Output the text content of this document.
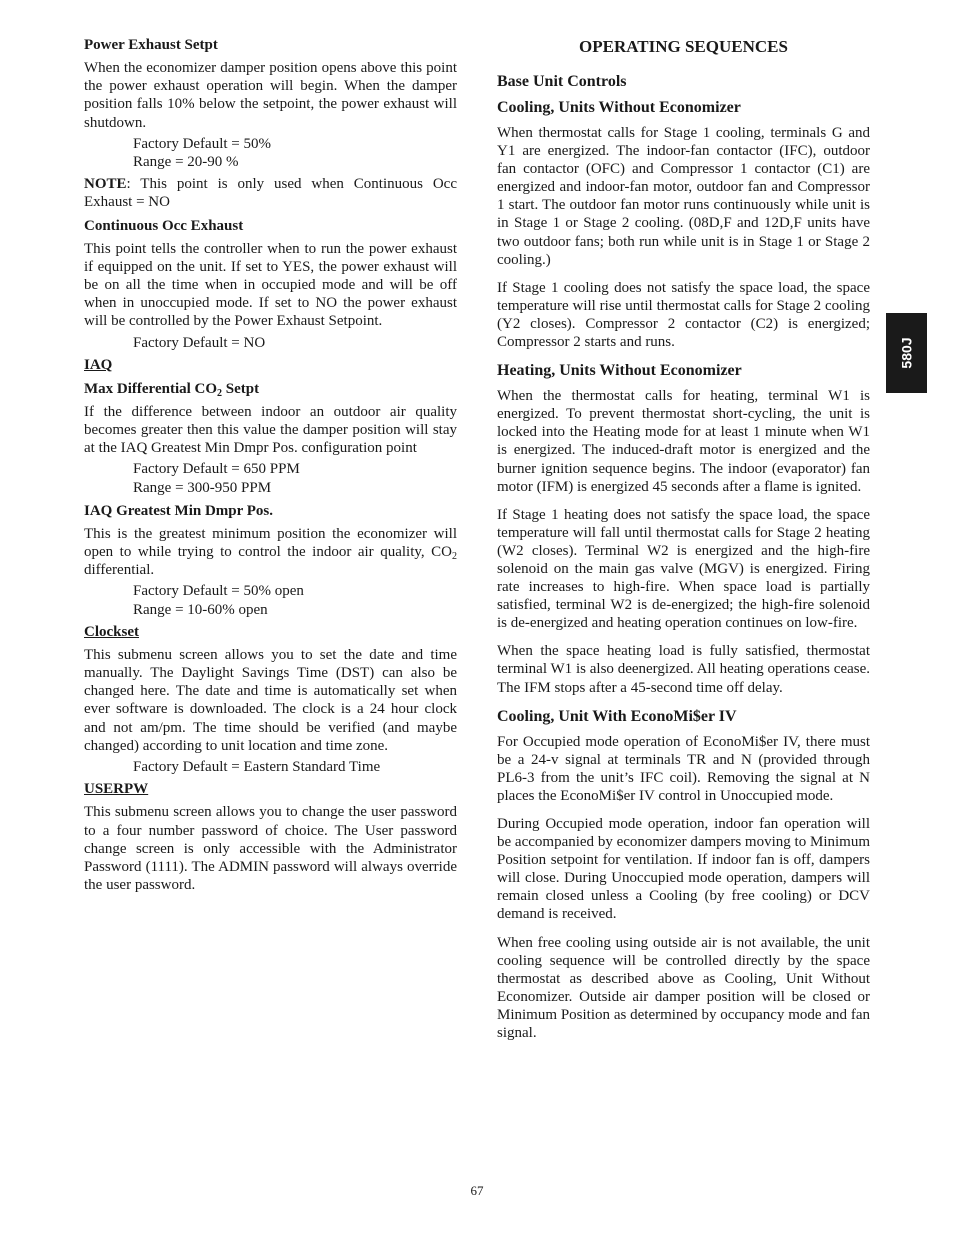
Power Exhaust Setpt

When the economizer damper position opens above this point the power exhaust operation will begin. When the damper position falls 10% below the setpoint, the power exhaust will shutdown.

Factory Default = 50%
Range = 20-90 %

NOTE: This point is only used when Continuous Occ Exhaust = NO

Continuous Occ Exhaust

This point tells the controller when to run the power exhaust if equipped on the unit. If set to YES, the power exhaust will be on all the time when in occupied mode and will be off when in unoccupied mode. If set to NO the power exhaust will be controlled by the Power Exhaust Setpoint.

Factory Default = NO
IAQ
Max Differential $CO_2$ Setpt

If the difference between indoor an outdoor air quality becomes greater then this value the damper position will stay at the IAQ Greatest Min Dmpr Pos. configuration point

Factory Default = 650 PPM
Range = 300-950 PPM
IAQ Greatest Min Dmpr Pos.

This is the greatest minimum position the economizer will open to while trying to control the indoor air quality, $CO_2$ differential.

Factory Default = 50% open
Range = 10-60% open
Clockset

This submenu screen allows you to set the date and time manually. The Daylight Savings Time (DST) can also be changed here. The date and time is automatically set when ever software is downloaded. The clock is a 24 hour clock and not am/pm. The time should be verified (and maybe changed) according to unit location and time zone.

Factory Default = Eastern Standard Time
USERPW

This submenu screen allows you to change the user password to a four number password of choice. The User password change screen is only accessible with the Administrator Password (1111). The ADMIN password will always override the user password.

OPERATING SEQUENCES
Base Unit Controls
Cooling, Units Without Economizer

When thermostat calls for Stage 1 cooling, terminals G and Y1 are energized. The indoor-fan contactor (IFC), outdoor fan contactor (OFC) and Compressor 1 contactor (C1) are energized and indoor-fan motor, outdoor fan and Compressor 1 start. The outdoor fan motor runs continuously while unit is in Stage 1 or Stage 2 cooling. (08D,F and 12D,F units have two outdoor fans; both run while unit is in Stage 1 or Stage 2 cooling.)

If Stage 1 cooling does not satisfy the space load, the space temperature will rise until thermostat calls for Stage 2 cooling (Y2 closes). Compressor 2 contactor (C2) is energized; Compressor 2 starts and runs.

Heating, Units Without Economizer

When the thermostat calls for heating, terminal W1 is energized. To prevent thermostat short-cycling, the unit is locked into the Heating mode for at least 1 minute when W1 is energized. The induced-draft motor is energized and the burner ignition sequence begins. The indoor (evaporator) fan motor (IFM) is energized 45 seconds after a flame is ignited.

If Stage 1 heating does not satisfy the space load, the space temperature will fall until thermostat calls for Stage 2 heating (W2 closes). Terminal W2 is energized and the high-fire solenoid on the main gas valve (MGV) is energized. Firing rate increases to high-fire. When space load is partially satisfied, terminal W2 is de-energized; the high-fire solenoid is de-energized and heating operation continues on low-fire.

When the space heating load is fully satisfied, thermostat terminal W1 is also deenergized. All heating operations cease. The IFM stops after a 45-second time off delay.

Cooling, Unit With EconoMi$er IV

For Occupied mode operation of EconoMi$er IV, there must be a 24-v signal at terminals TR and N (provided through PL6-3 from the unit’s IFC coil). Removing the signal at N places the EconoMi$er IV control in Unoccupied mode.

During Occupied mode operation, indoor fan operation will be accompanied by economizer dampers moving to Minimum Position setpoint for ventilation. If indoor fan is off, dampers will close. During Unoccupied mode operation, dampers will remain closed unless a Cooling (by free cooling) or DCV demand is received.

When free cooling using outside air is not available, the unit cooling sequence will be controlled directly by the space thermostat as described above as Cooling, Unit Without Economizer. Outside air damper position will be closed or Minimum Position as determined by occupancy mode and fan signal.

580J
67
